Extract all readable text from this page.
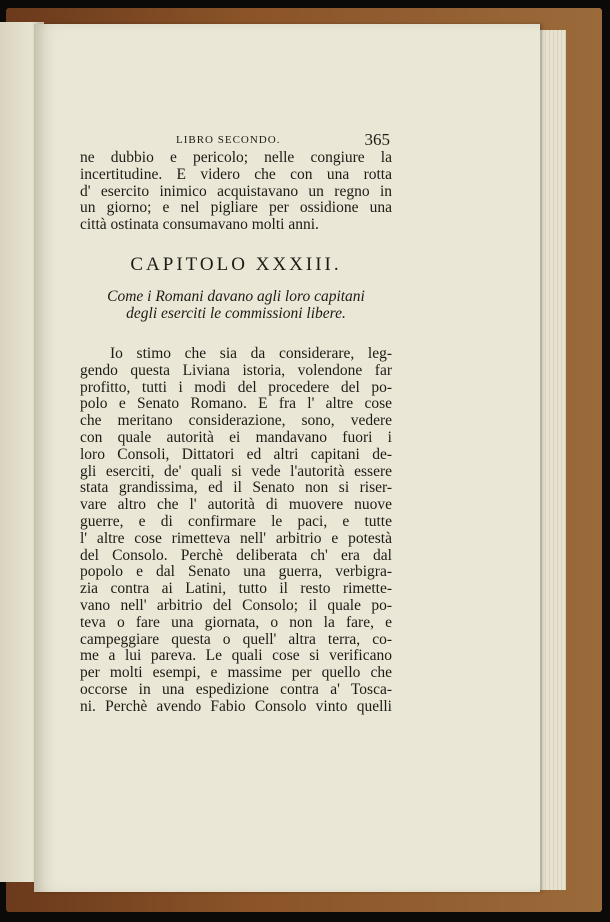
LIBRO SECONDO.	365
ne dubbio e pericolo; nelle congiure la
incertitudine. E videro che con una rotta
d' esercito inimico acquistavano un regno in
un giorno; e nel pigliare per ossidione una
città ostinata consumavano molti anni.
CAPITOLO XXXIII.
Come i Romani davano agli loro capitani
degli eserciti le commissioni libere.
Io stimo che sia da considerare, leg-
gendo questa Liviana istoria, volendone far
profitto, tutti i modi del procedere del po-
polo e Senato Romano. E fra l' altre cose
che meritano considerazione, sono, vedere
con quale autorità ei mandavano fuori i
loro Consoli, Dittatori ed altri capitani de-
gli eserciti, de' quali si vede l'autorità essere
stata grandissima, ed il Senato non si riser-
vare altro che l' autorità di muovere nuove
guerre, e di confirmare le paci, e tutte
l' altre cose rimetteva nell' arbitrio e potestà
del Consolo. Perchè deliberata ch' era dal
popolo e dal Senato una guerra, verbigra-
zia contra ai Latini, tutto il resto rimette-
vano nell' arbitrio del Consolo; il quale po-
teva o fare una giornata, o non la fare, e
campeggiare questa o quell' altra terra, co-
me a lui pareva. Le quali cose si verificano
per molti esempi, e massime per quello che
occorse in una espedizione contra a' Tosca-
ni. Perchè avendo Fabio Consolo vinto quelli
